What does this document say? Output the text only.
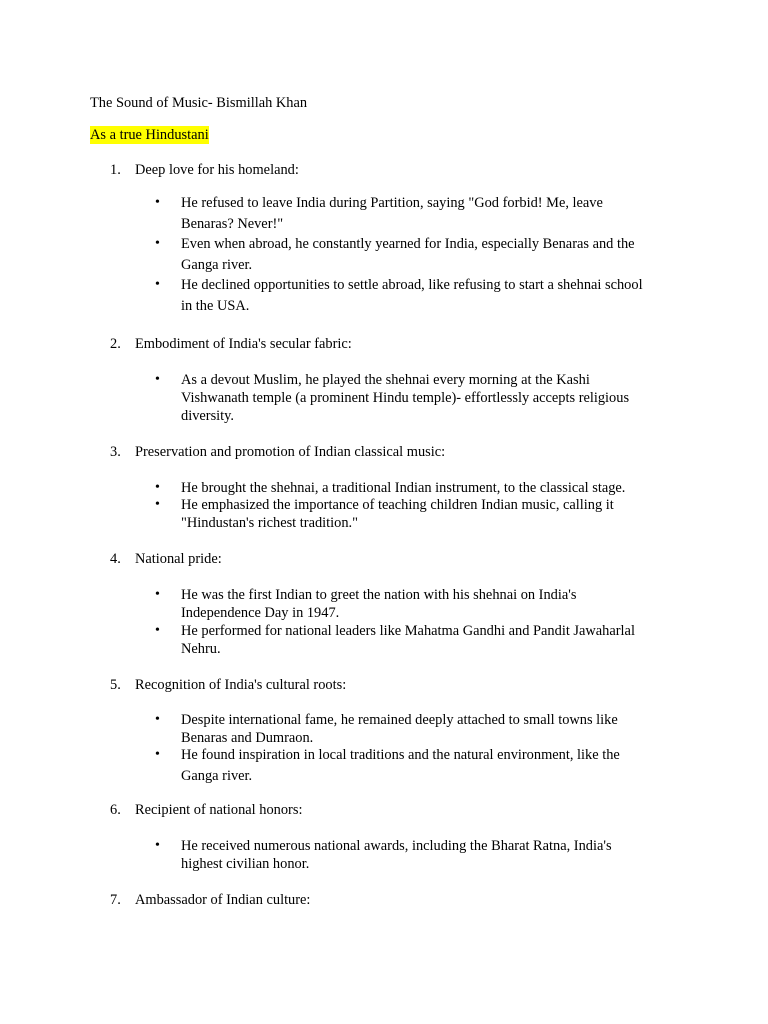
The Sound of Music- Bismillah Khan
As a true Hindustani
1. Deep love for his homeland:
• He refused to leave India during Partition, saying "God forbid! Me, leave Benaras? Never!"
• Even when abroad, he constantly yearned for India, especially Benaras and the Ganga river.
• He declined opportunities to settle abroad, like refusing to start a shehnai school in the USA.
2. Embodiment of India's secular fabric:
• As a devout Muslim, he played the shehnai every morning at the Kashi Vishwanath temple (a prominent Hindu temple)- effortlessly accepts religious diversity.
3. Preservation and promotion of Indian classical music:
• He brought the shehnai, a traditional Indian instrument, to the classical stage.
• He emphasized the importance of teaching children Indian music, calling it "Hindustan's richest tradition."
4. National pride:
• He was the first Indian to greet the nation with his shehnai on India's Independence Day in 1947.
• He performed for national leaders like Mahatma Gandhi and Pandit Jawaharlal Nehru.
5. Recognition of India's cultural roots:
• Despite international fame, he remained deeply attached to small towns like Benaras and Dumraon.
• He found inspiration in local traditions and the natural environment, like the Ganga river.
6. Recipient of national honors:
• He received numerous national awards, including the Bharat Ratna, India's highest civilian honor.
7. Ambassador of Indian culture:
